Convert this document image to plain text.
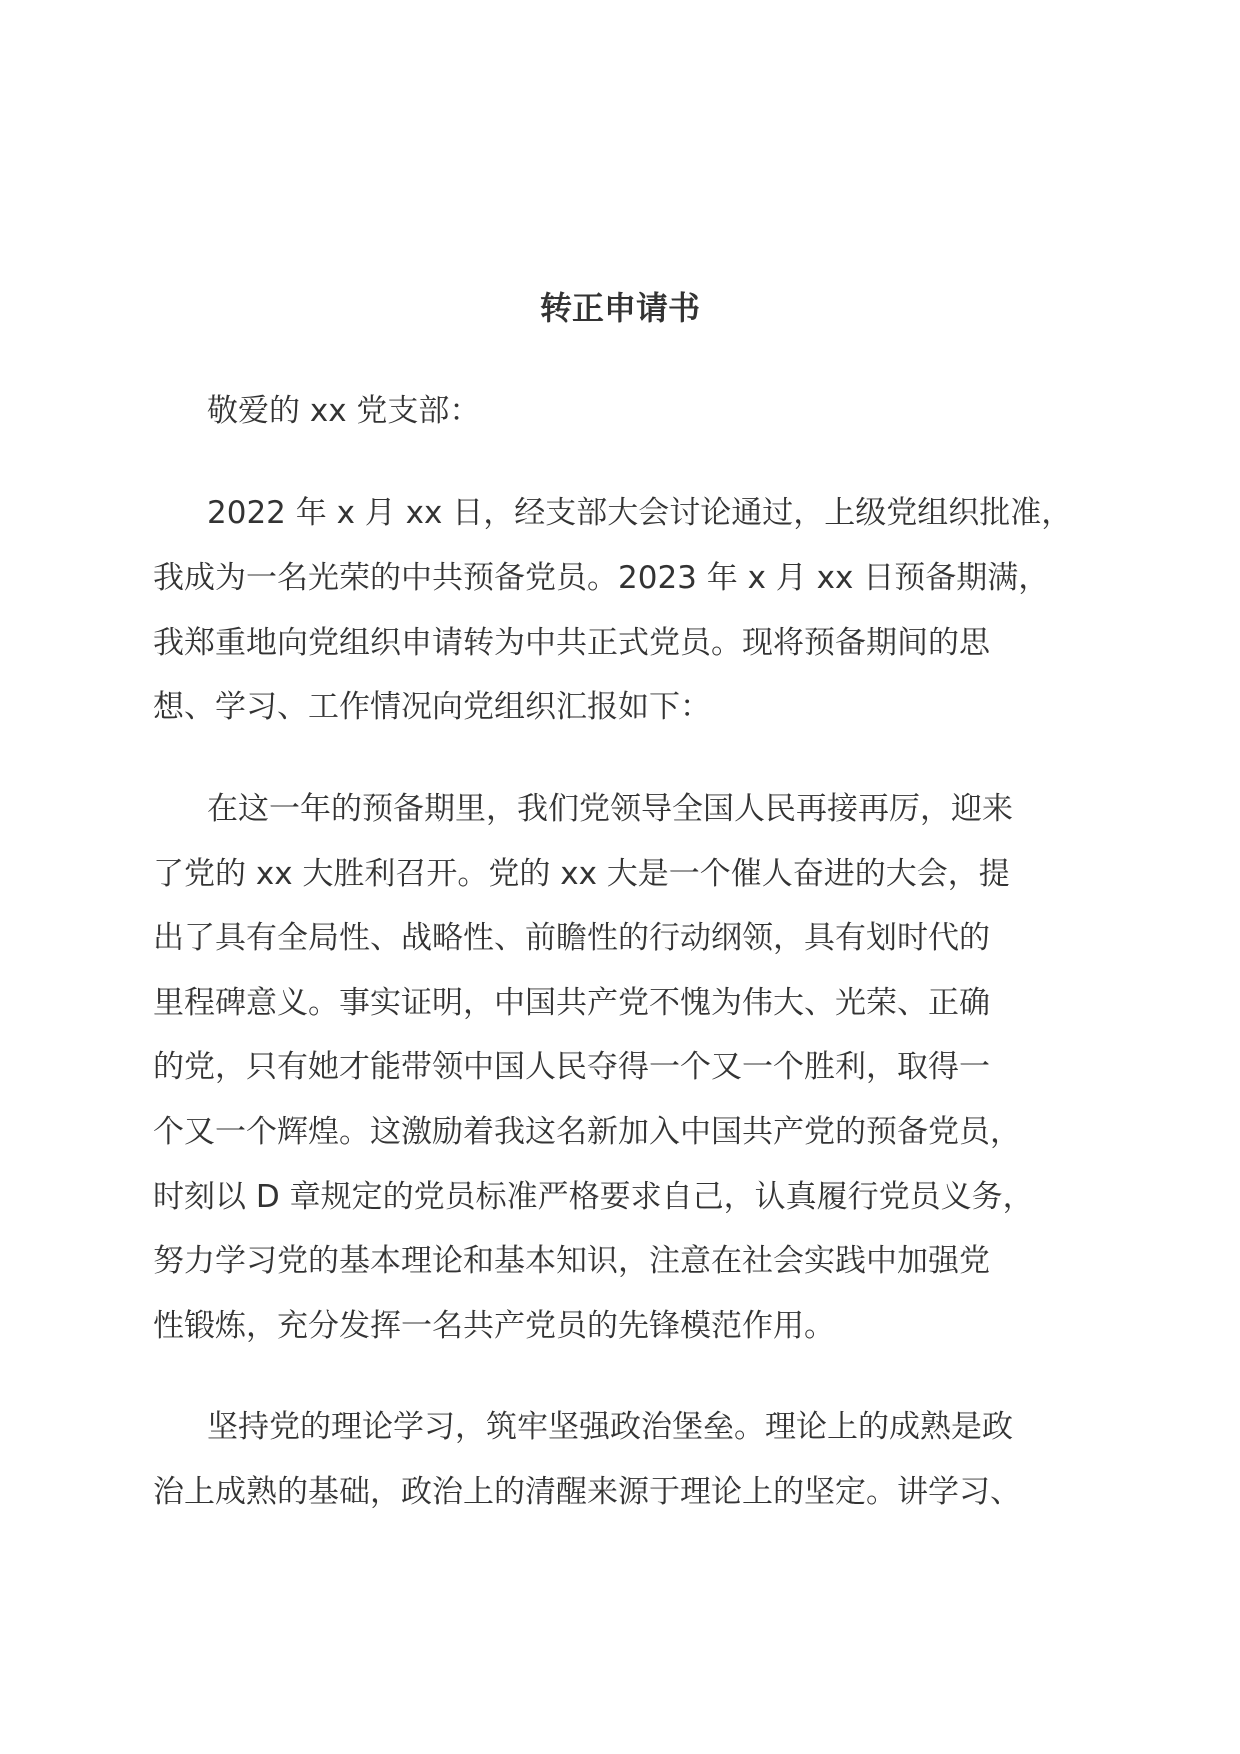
转正申请书
敬爱的 xx 党支部：
2022 年 x 月 xx 日，经支部大会讨论通过，上级党组织批准，
我成为一名光荣的中共预备党员。2023 年 x 月 xx 日预备期满，
我郑重地向党组织申请转为中共正式党员。现将预备期间的思
想、学习、工作情况向党组织汇报如下：
在这一年的预备期里，我们党领导全国人民再接再厉，迎来
了党的 xx 大胜利召开。党的 xx 大是一个催人奋进的大会，提
出了具有全局性、战略性、前瞻性的行动纲领，具有划时代的
里程碑意义。事实证明，中国共产党不愧为伟大、光荣、正确
的党，只有她才能带领中国人民夺得一个又一个胜利，取得一
个又一个辉煌。这激励着我这名新加入中国共产党的预备党员，
时刻以 D 章规定的党员标准严格要求自己，认真履行党员义务，
努力学习党的基本理论和基本知识，注意在社会实践中加强党
性锻炼，充分发挥一名共产党员的先锋模范作用。
坚持党的理论学习，筑牢坚强政治堡垒。理论上的成熟是政
治上成熟的基础，政治上的清醒来源于理论上的坚定。讲学习、
